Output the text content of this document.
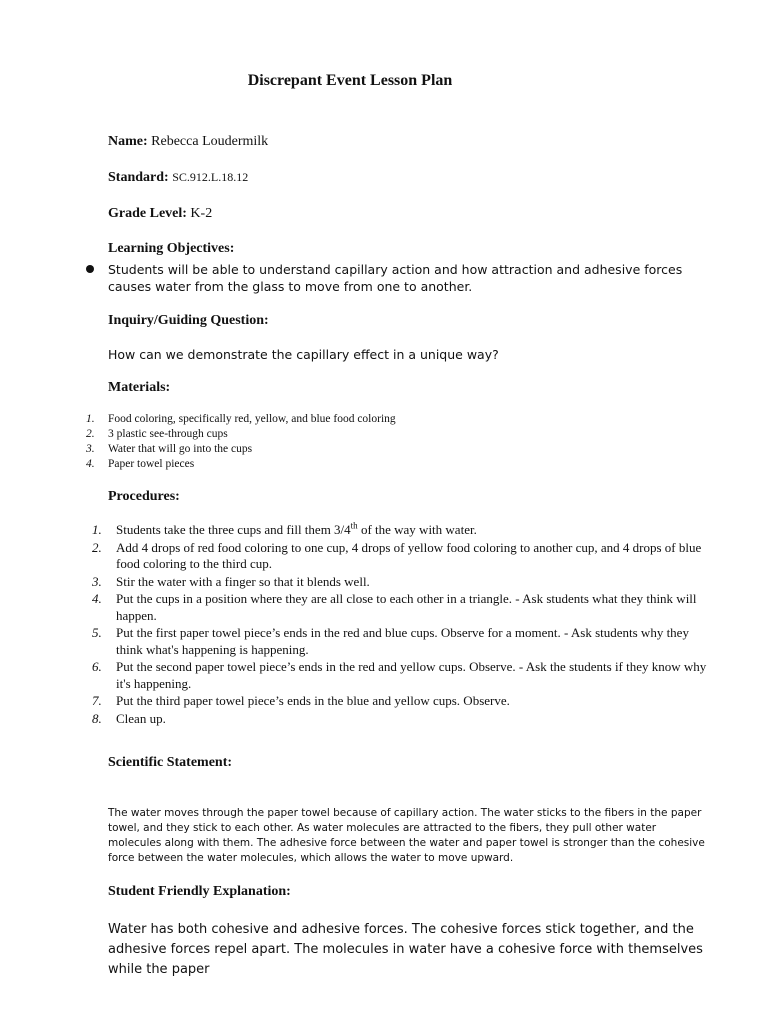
Discrepant Event Lesson Plan
Name: Rebecca Loudermilk
Standard: SC.912.L.18.12
Grade Level: K-2
Learning Objectives:
Students will be able to understand capillary action and how attraction and adhesive forces causes water from the glass to move from one to another.
Inquiry/Guiding Question:
How can we demonstrate the capillary effect in a unique way?
Materials:
1. Food coloring, specifically red, yellow, and blue food coloring
2. 3 plastic see-through cups
3. Water that will go into the cups
4. Paper towel pieces
Procedures:
1. Students take the three cups and fill them 3/4th of the way with water.
2. Add 4 drops of red food coloring to one cup, 4 drops of yellow food coloring to another cup, and 4 drops of blue food coloring to the third cup.
3. Stir the water with a finger so that it blends well.
4. Put the cups in a position where they are all close to each other in a triangle. - Ask students what they think will happen.
5. Put the first paper towel piece’s ends in the red and blue cups. Observe for a moment. - Ask students why they think what's happening is happening.
6. Put the second paper towel piece’s ends in the red and yellow cups. Observe. - Ask the students if they know why it's happening.
7. Put the third paper towel piece’s ends in the blue and yellow cups. Observe.
8. Clean up.
Scientific Statement:
The water moves through the paper towel because of capillary action. The water sticks to the fibers in the paper towel, and they stick to each other. As water molecules are attracted to the fibers, they pull other water molecules along with them. The adhesive force between the water and paper towel is stronger than the cohesive force between the water molecules, which allows the water to move upward.
Student Friendly Explanation:
Water has both cohesive and adhesive forces. The cohesive forces stick together, and the adhesive forces repel apart. The molecules in water have a cohesive force with themselves while the paper
